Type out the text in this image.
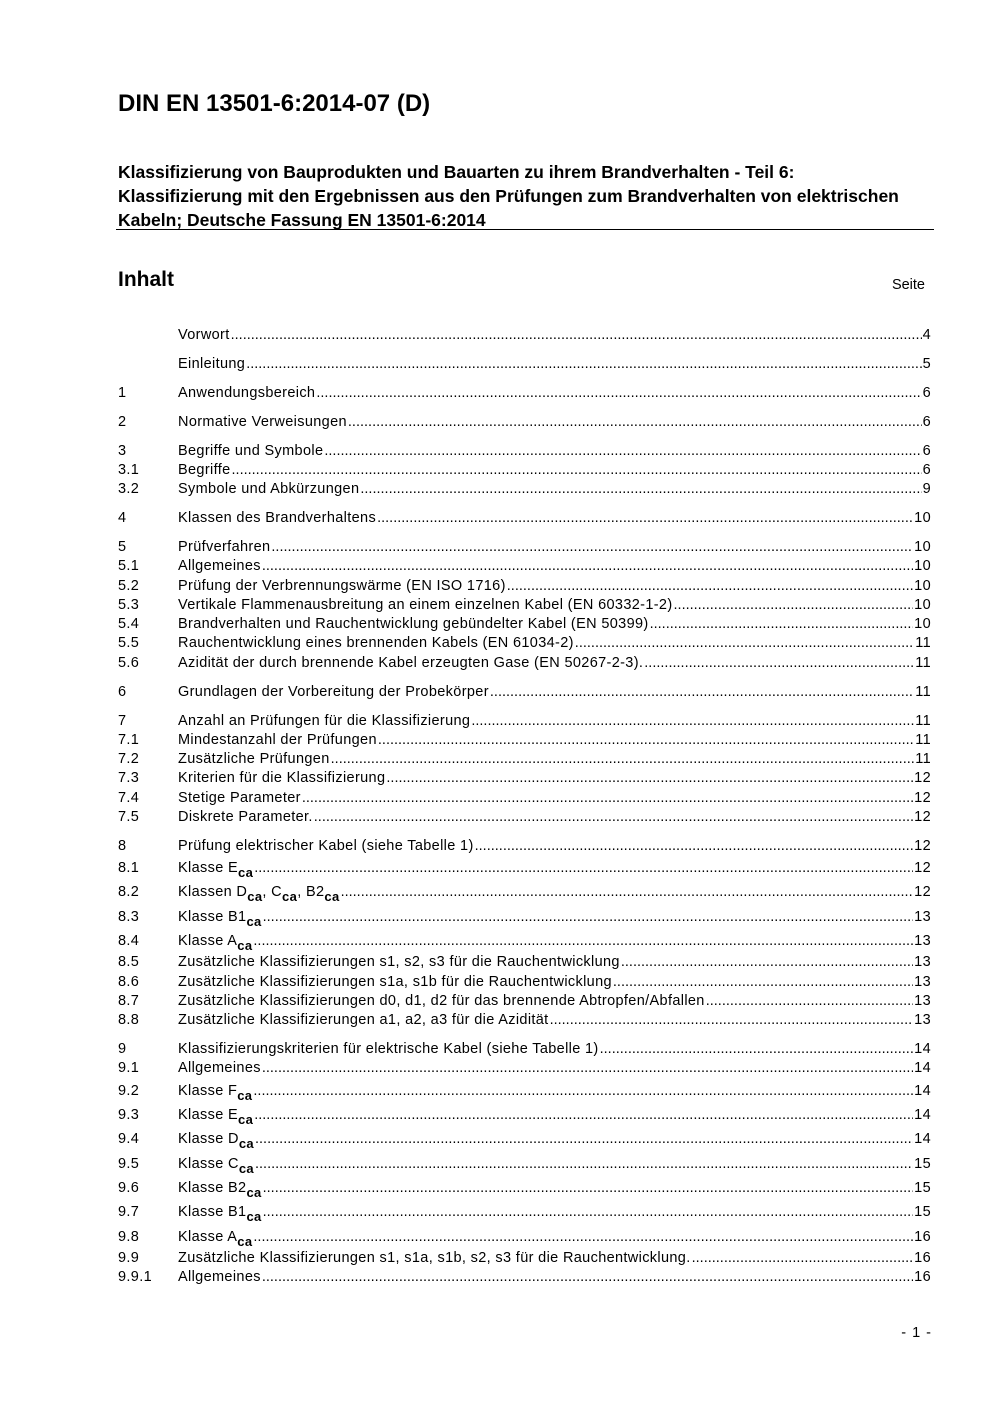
DIN EN 13501-6:2014-07 (D)
Klassifizierung von Bauprodukten und Bauarten zu ihrem Brandverhalten - Teil 6: Klassifizierung mit den Ergebnissen aus den Prüfungen zum Brandverhalten von elektrischen Kabeln; Deutsche Fassung EN 13501-6:2014
Inhalt	Seite
Vorwort .....	4
Einleitung .....	5
1	Anwendungsbereich .....	6
2	Normative Verweisungen .....	6
3	Begriffe und Symbole .....	6
3.1	Begriffe .....	6
3.2	Symbole und Abkürzungen .....	9
4	Klassen des Brandverhaltens .....	10
5	Prüfverfahren .....	10
5.1	Allgemeines .....	10
5.2	Prüfung der Verbrennungswärme (EN ISO 1716) .....	10
5.3	Vertikale Flammenausbreitung an einem einzelnen Kabel (EN 60332-1-2) .....	10
5.4	Brandverhalten und Rauchentwicklung gebündelter Kabel (EN 50399) .....	10
5.5	Rauchentwicklung eines brennenden Kabels (EN 61034-2) .....	11
5.6	Azidität der durch brennende Kabel erzeugten Gase (EN 50267-2-3). .....	11
6	Grundlagen der Vorbereitung der Probekörper .....	11
7	Anzahl an Prüfungen für die Klassifizierung .....	11
7.1	Mindestanzahl der Prüfungen .....	11
7.2	Zusätzliche Prüfungen .....	11
7.3	Kriterien für die Klassifizierung .....	12
7.4	Stetige Parameter .....	12
7.5	Diskrete Parameter. .....	12
8	Prüfung elektrischer Kabel (siehe Tabelle 1) .....	12
8.1	Klasse $E_{ca}$ .....	12
8.2	Klassen $D_{ca}$, $C_{ca}$, $B2_{ca}$ .....	12
8.3	Klasse $B1_{ca}$ .....	13
8.4	Klasse $A_{ca}$ .....	13
8.5	Zusätzliche Klassifizierungen s1, s2, s3 für die Rauchentwicklung .....	13
8.6	Zusätzliche Klassifizierungen s1a, s1b für die Rauchentwicklung .....	13
8.7	Zusätzliche Klassifizierungen d0, d1, d2 für das brennende Abtropfen/Abfallen .....	13
8.8	Zusätzliche Klassifizierungen a1, a2, a3 für die Azidität .....	13
9	Klassifizierungskriterien für elektrische Kabel (siehe Tabelle 1) .....	14
9.1	Allgemeines .....	14
9.2	Klasse $F_{ca}$ .....	14
9.3	Klasse $E_{ca}$ .....	14
9.4	Klasse $D_{ca}$ .....	14
9.5	Klasse $C_{ca}$ .....	15
9.6	Klasse $B2_{ca}$ .....	15
9.7	Klasse $B1_{ca}$ .....	15
9.8	Klasse $A_{ca}$ .....	16
9.9	Zusätzliche Klassifizierungen s1, s1a, s1b, s2, s3 für die Rauchentwicklung. .....	16
9.9.1	Allgemeines .....	16
- 1 -
